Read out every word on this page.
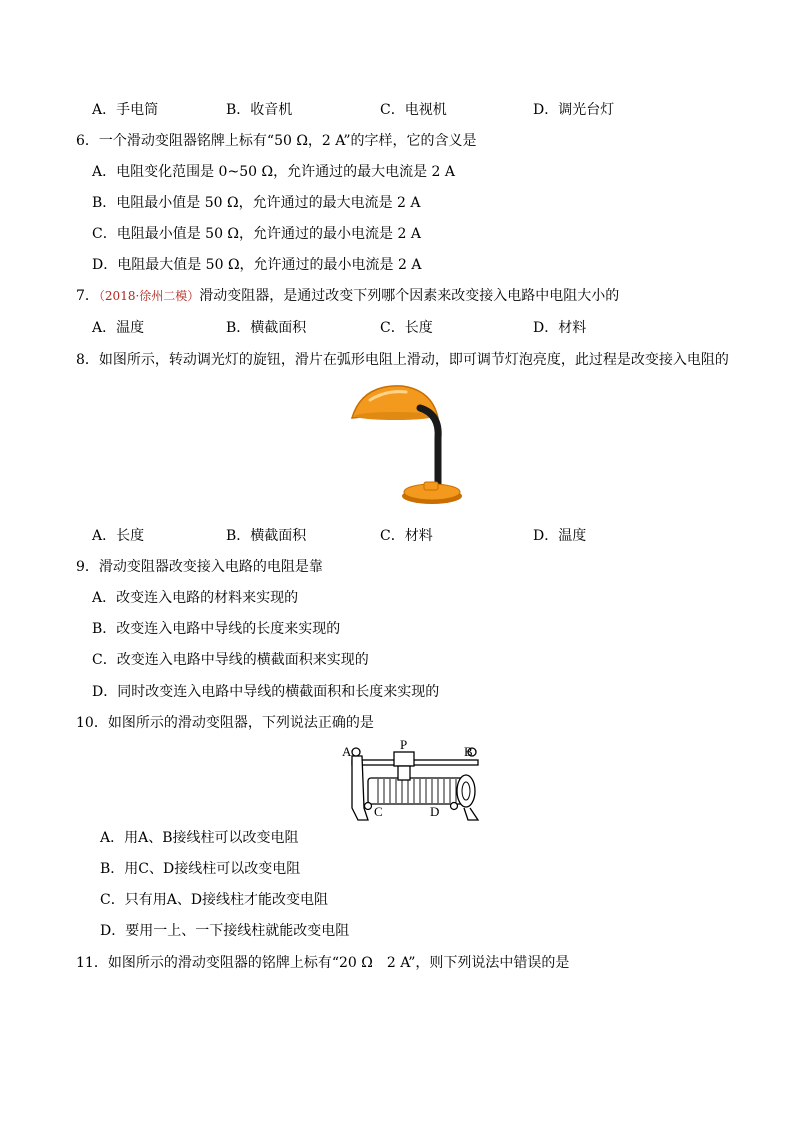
A．手电筒	B．收音机	C．电视机	D．调光台灯
6．一个滑动变阻器铭牌上标有“50 Ω，2 A”的字样，它的含义是
A．电阻变化范围是 0~50 Ω，允许通过的最大电流是 2 A
B．电阻最小值是 50 Ω，允许通过的最大电流是 2 A
C．电阻最小值是 50 Ω，允许通过的最小电流是 2 A
D．电阻最大值是 50 Ω，允许通过的最小电流是 2 A
7．（2018·徐州二模）滑动变阻器，是通过改变下列哪个因素来改变接入电路中电阻大小的
A．温度	B．横截面积	C．长度	D．材料
8．如图所示，转动调光灯的旋钮，滑片在弧形电阻上滑动，即可调节灯泡亮度，此过程是改变接入电阻的
A．长度	B．横截面积	C．材料	D．温度
9．滑动变阻器改变接入电路的电阻是靠
A．改变连入电路的材料来实现的
B．改变连入电路中导线的长度来实现的
C．改变连入电路中导线的横截面积来实现的
D．同时改变连入电路中导线的横截面积和长度来实现的
10．如图所示的滑动变阻器，下列说法正确的是
A	P	B
C	D
A．用A、B接线柱可以改变电阻
B．用C、D接线柱可以改变电阻
C．只有用A、D接线柱才能改变电阻
D．要用一上、一下接线柱就能改变电阻
11．如图所示的滑动变阻器的铭牌上标有“20 Ω　2 A”，则下列说法中错误的是
